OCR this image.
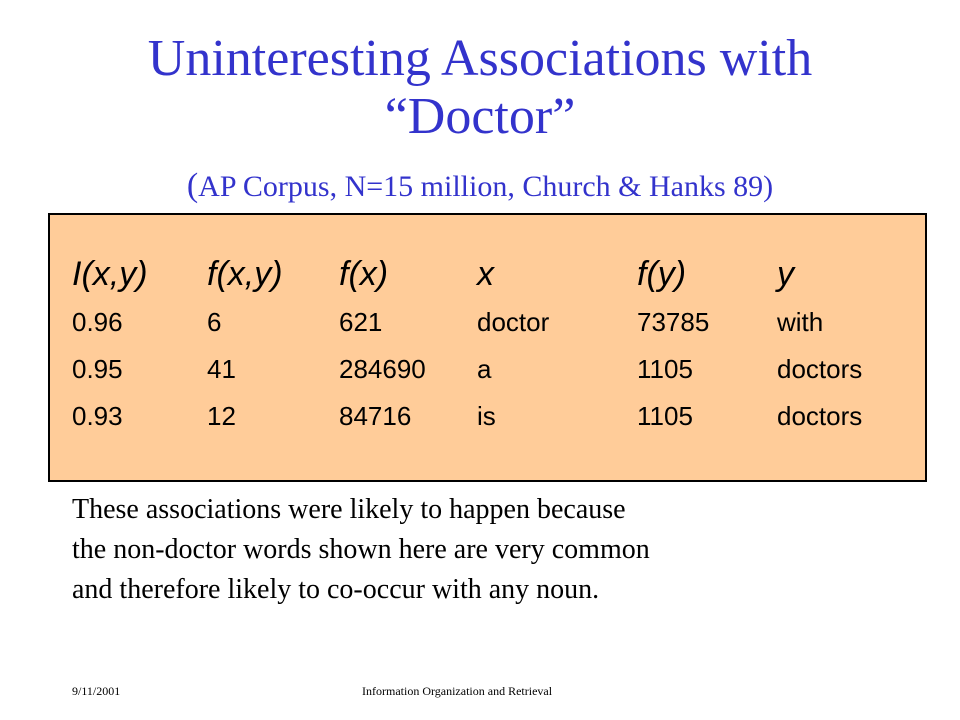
Uninteresting Associations with
“Doctor”
(AP Corpus, N=15 million, Church & Hanks 89)
I(x,y)	f(x,y)	f(x)	x	f(y)	y
0.96	6	621	doctor	73785	with
0.95	41	284690	a	1105	doctors
0.93	12	84716	is	1105	doctors
These associations were likely to happen because
the non-doctor words shown here are very common
and therefore likely to co-occur with any noun.
9/11/2001	Information Organization and Retrieval
